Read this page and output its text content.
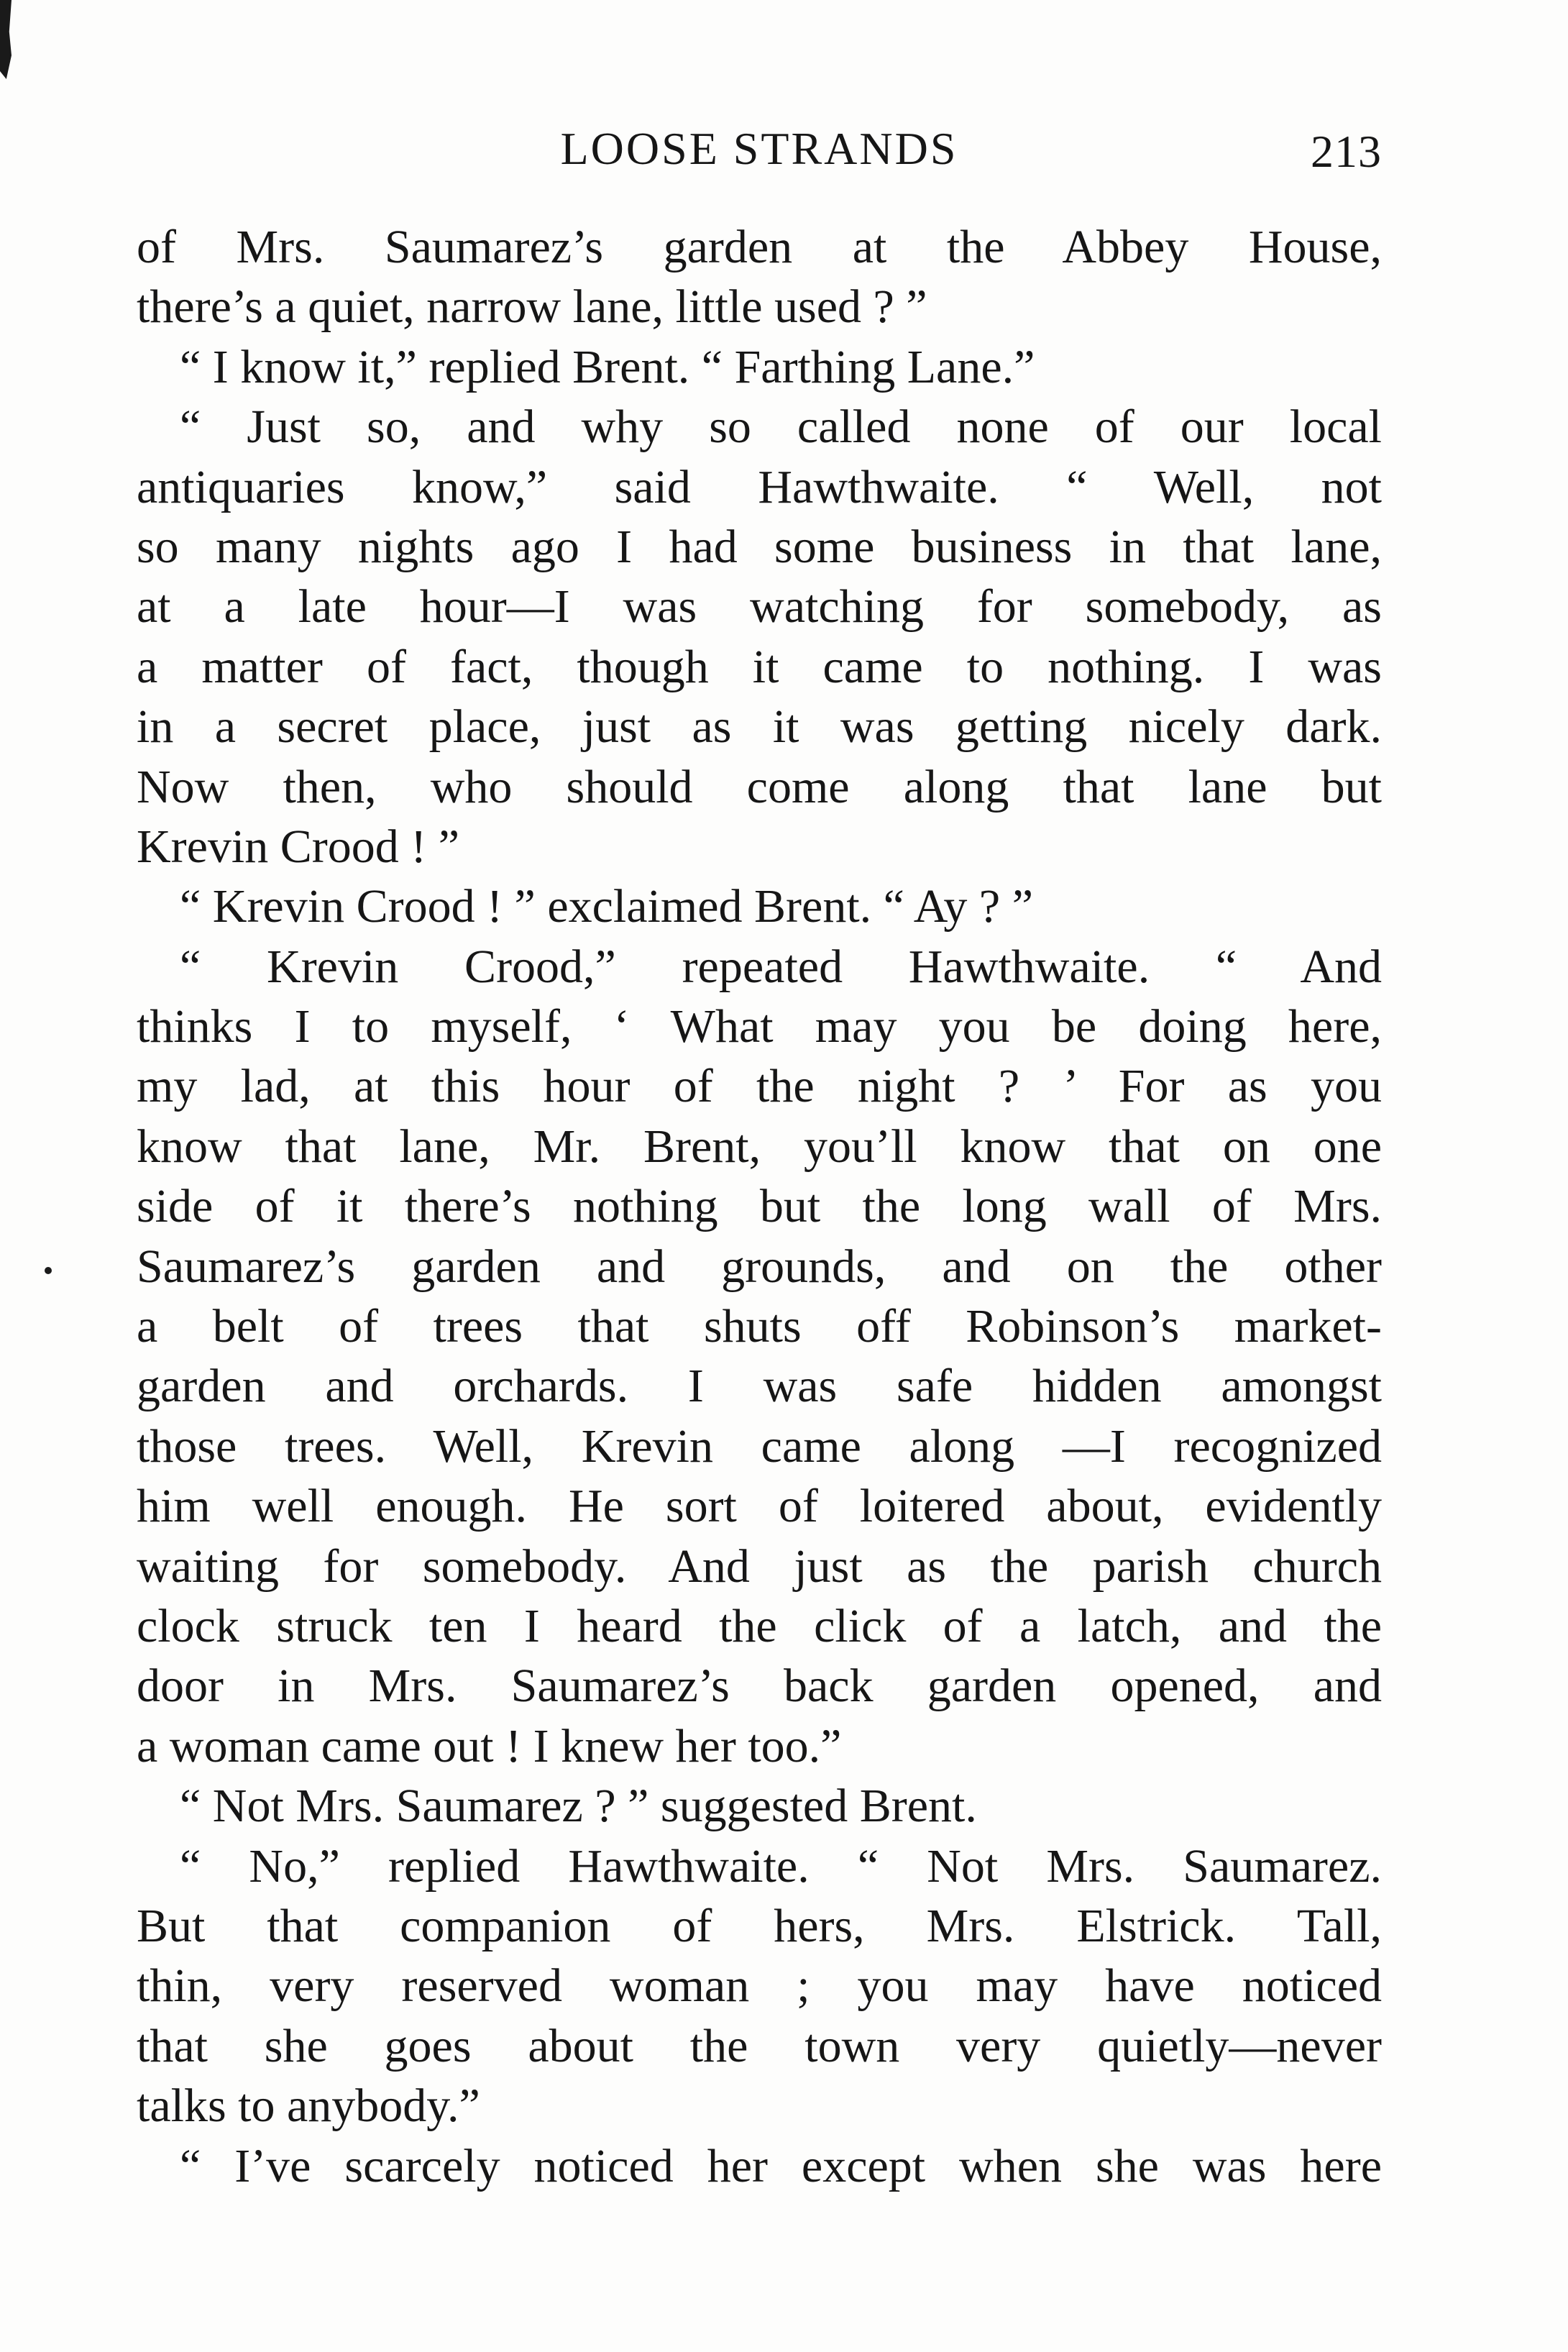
LOOSE STRANDS	213
of Mrs. Saumarez’s garden at the Abbey House,
there’s a quiet, narrow lane, little used ? ”
“ I know it,” replied Brent. “ Farthing Lane.”
“ Just so, and why so called none of our local
antiquaries know,” said Hawthwaite. “ Well, not
so many nights ago I had some business in that lane,
at a late hour—I was watching for somebody, as
a matter of fact, though it came to nothing. I was
in a secret place, just as it was getting nicely dark.
Now then, who should come along that lane but
Krevin Crood ! ”
“ Krevin Crood ! ” exclaimed Brent. “ Ay ? ”
“ Krevin Crood,” repeated Hawthwaite. “ And
thinks I to myself, ‘ What may you be doing here,
my lad, at this hour of the night ? ’ For as you
know that lane, Mr. Brent, you’ll know that on one
side of it there’s nothing but the long wall of Mrs.
Saumarez’s garden and grounds, and on the other
a belt of trees that shuts off Robinson’s market-
garden and orchards. I was safe hidden amongst
those trees. Well, Krevin came along —I recognized
him well enough. He sort of loitered about, evidently
waiting for somebody. And just as the parish church
clock struck ten I heard the click of a latch, and the
door in Mrs. Saumarez’s back garden opened, and
a woman came out ! I knew her too.”
“ Not Mrs. Saumarez ? ” suggested Brent.
“ No,” replied Hawthwaite. “ Not Mrs. Saumarez.
But that companion of hers, Mrs. Elstrick. Tall,
thin, very reserved woman ; you may have noticed
that she goes about the town very quietly—never
talks to anybody.”
“ I’ve scarcely noticed her except when she was here
